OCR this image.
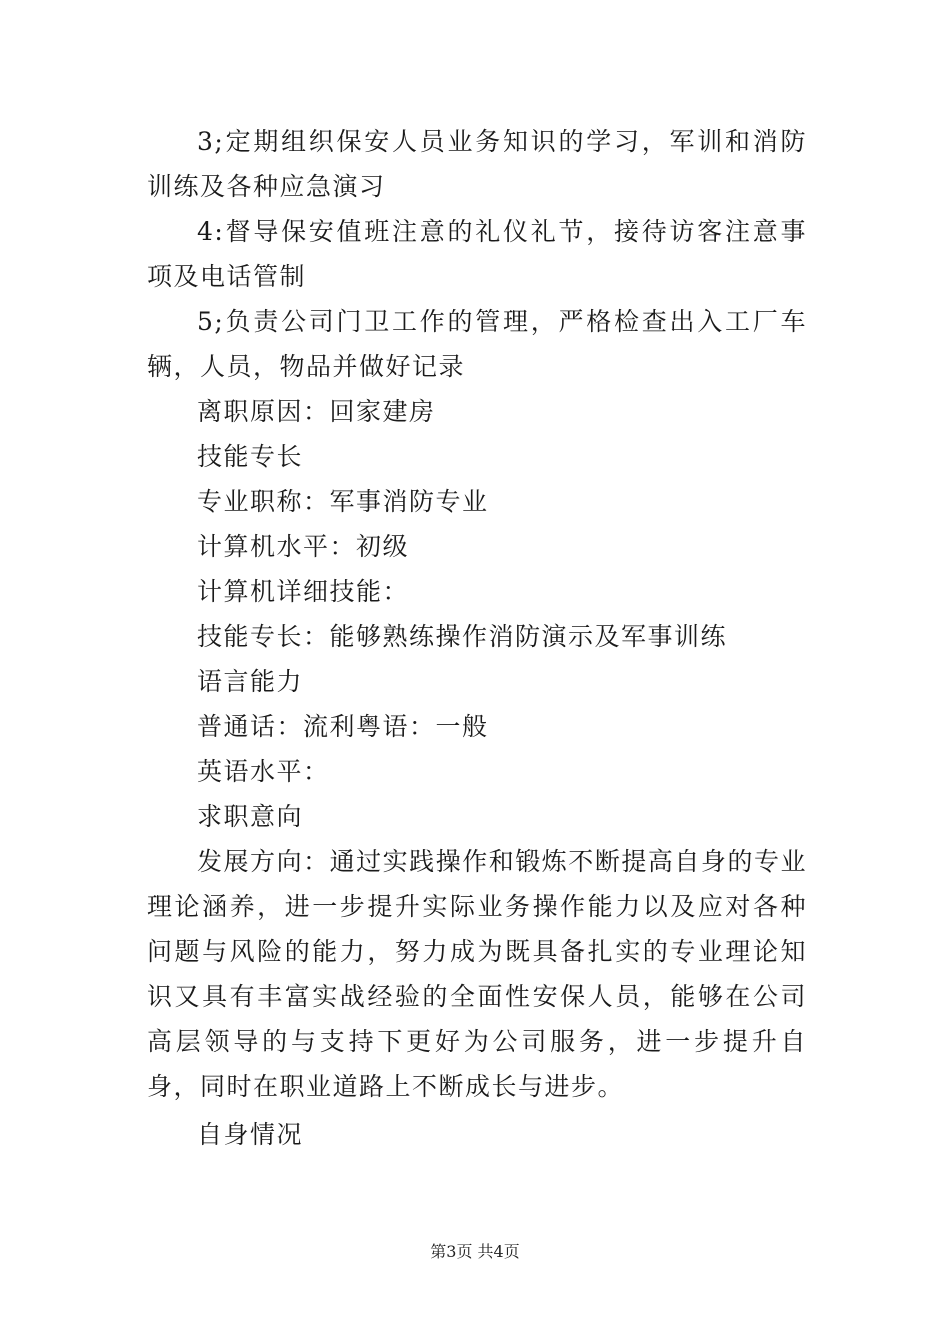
3;定期组织保安人员业务知识的学习，军训和消防训练及各种应急演习

4:督导保安值班注意的礼仪礼节，接待访客注意事项及电话管制

5;负责公司门卫工作的管理，严格检查出入工厂车辆，人员，物品并做好记录

离职原因：回家建房

技能专长

专业职称：军事消防专业

计算机水平：初级

计算机详细技能：

技能专长：能够熟练操作消防演示及军事训练

语言能力

普通话：流利粤语：一般

英语水平：

求职意向

发展方向：通过实践操作和锻炼不断提高自身的专业理论涵养，进一步提升实际业务操作能力以及应对各种问题与风险的能力，努力成为既具备扎实的专业理论知识又具有丰富实战经验的全面性安保人员，能够在公司高层领导的与支持下更好为公司服务，进一步提升自身，同时在职业道路上不断成长与进步。

自身情况

第3页 共4页
